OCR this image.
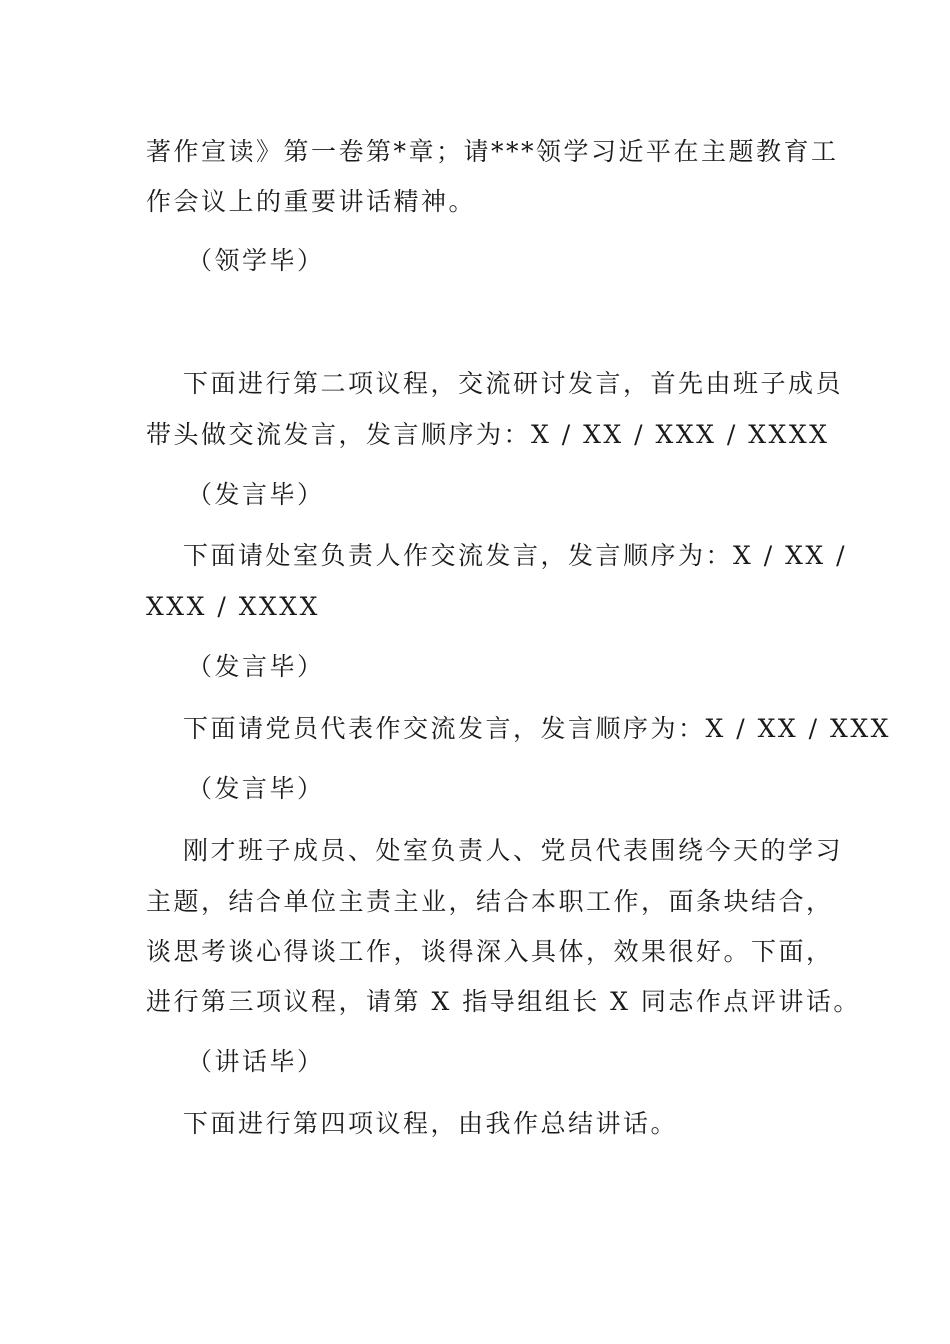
著作宣读》第一卷第*章；请***领学习近平在主题教育工
作会议上的重要讲话精神。
（领学毕）
下面进行第二项议程，交流研讨发言，首先由班子成员
带头做交流发言，发言顺序为：X / XX / XXX / XXXX
（发言毕）
下面请处室负责人作交流发言，发言顺序为：X / XX /
XXX / XXXX
（发言毕）
下面请党员代表作交流发言，发言顺序为：X / XX / XXX
（发言毕）
刚才班子成员、处室负责人、党员代表围绕今天的学习
主题，结合单位主责主业，结合本职工作，面条块结合，
谈思考谈心得谈工作，谈得深入具体，效果很好。下面，
进行第三项议程，请第 X 指导组组长 X 同志作点评讲话。
（讲话毕）
下面进行第四项议程，由我作总结讲话。
